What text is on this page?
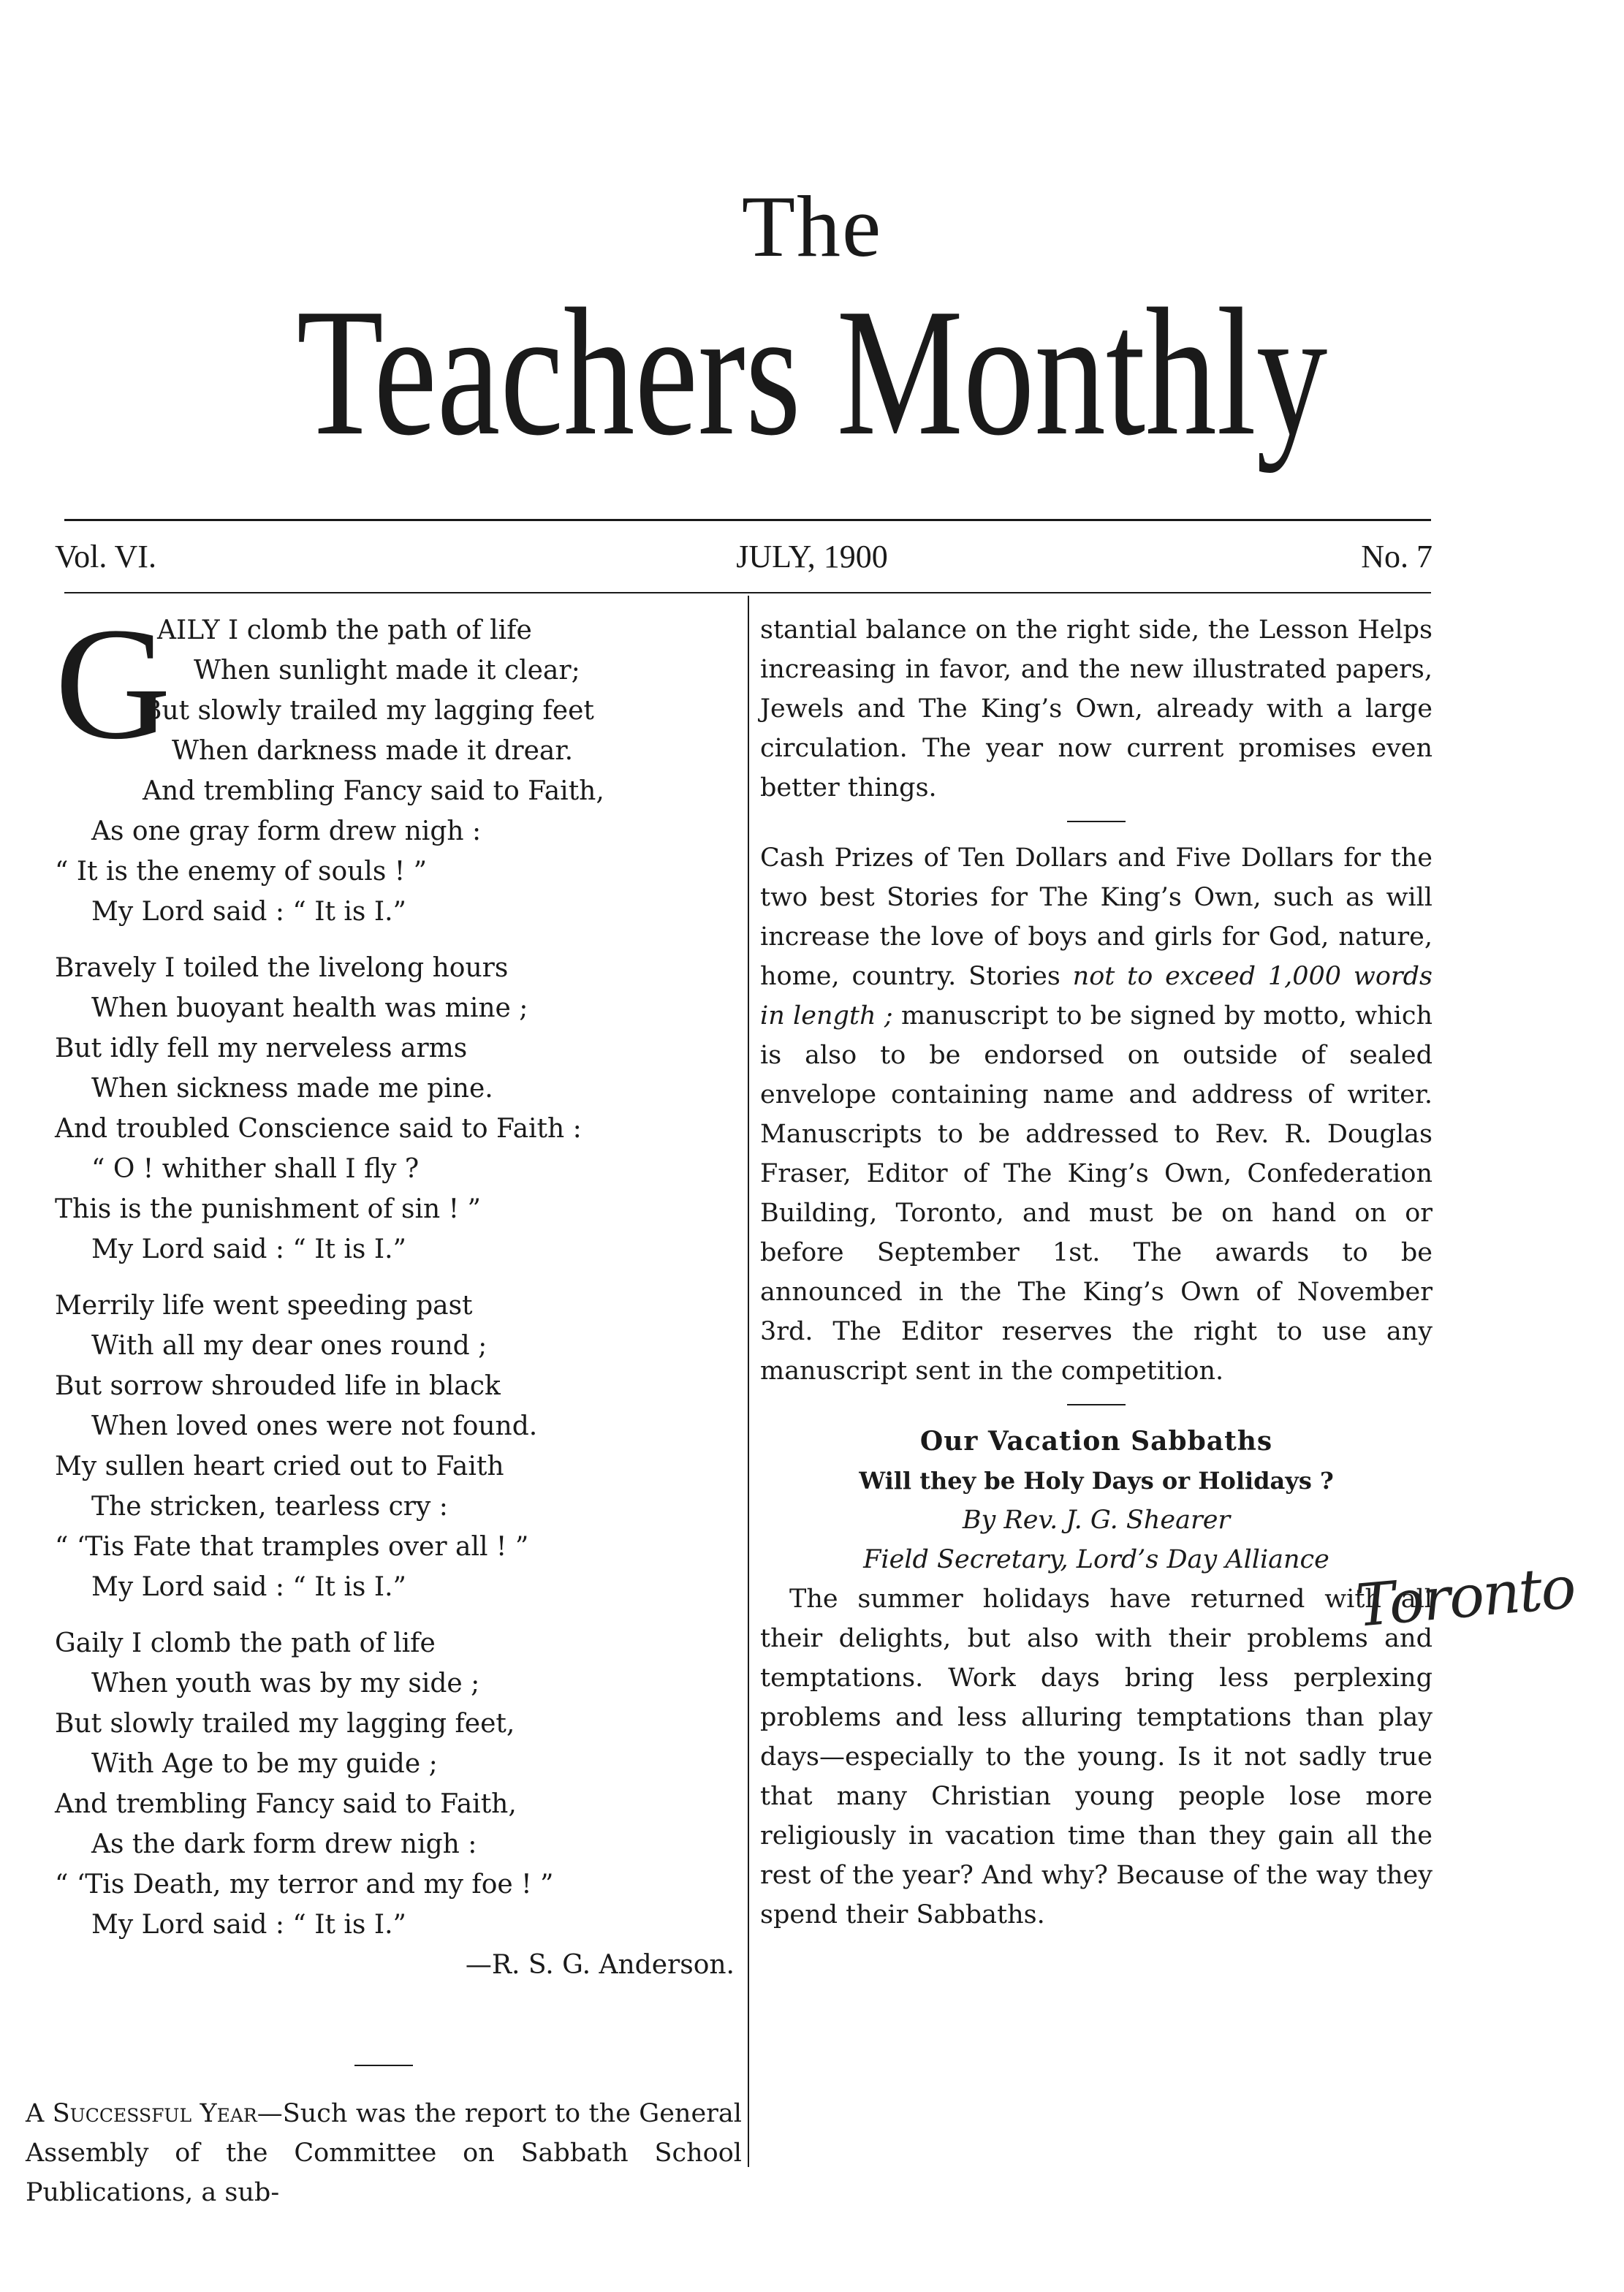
The
Teachers Monthly
Vol. VI.	JULY, 1900	No. 7
G
AILY I clomb the path of life
When sunlight made it clear;
But slowly trailed my lagging feet
When darkness made it drear.
And trembling Fancy said to Faith,
As one gray form drew nigh :
“ It is the enemy of souls ! ”
My Lord said : “ It is I.”
Bravely I toiled the livelong hours
When buoyant health was mine ;
But idly fell my nerveless arms
When sickness made me pine.
And troubled Conscience said to Faith :
“ O ! whither shall I fly ?
This is the punishment of sin ! ”
My Lord said : “ It is I.”
Merrily life went speeding past
With all my dear ones round ;
But sorrow shrouded life in black
When loved ones were not found.
My sullen heart cried out to Faith
The stricken, tearless cry :
“ ‘Tis Fate that tramples over all ! ”
My Lord said : “ It is I.”
Gaily I clomb the path of life
When youth was by my side ;
But slowly trailed my lagging feet,
With Age to be my guide ;
And trembling Fancy said to Faith,
As the dark form drew nigh :
“ ‘Tis Death, my terror and my foe ! ”
My Lord said : “ It is I.”
—R. S. G. Anderson.
A Successful Year—Such was the report to the General Assembly of the Committee on Sabbath School Publications, a sub-
stantial balance on the right side, the Lesson Helps increasing in favor, and the new illustrated papers, Jewels and The King’s Own, already with a large circulation. The year now current promises even better things.
Cash Prizes of Ten Dollars and Five Dollars for the two best Stories for The King’s Own, such as will increase the love of boys and girls for God, nature, home, country. Stories not to exceed 1,000 words in length ; manuscript to be signed by motto, which is also to be endorsed on outside of sealed envelope containing name and address of writer. Manuscripts to be addressed to Rev. R. Douglas Fraser, Editor of The King’s Own, Confederation Building, Toronto, and must be on hand on or before September 1st. The awards to be announced in the The King’s Own of November 3rd. The Editor reserves the right to use any manuscript sent in the competition.
Our Vacation Sabbaths
Will they be Holy Days or Holidays ?
By Rev. J. G. Shearer
Field Secretary, Lord’s Day Alliance
The summer holidays have returned with all their delights, but also with their problems and temptations. Work days bring less perplexing problems and less alluring temptations than play days—especially to the young. Is it not sadly true that many Christian young people lose more religiously in vacation time than they gain all the rest of the year? And why? Because of the way they spend their Sabbaths.
Toronto
